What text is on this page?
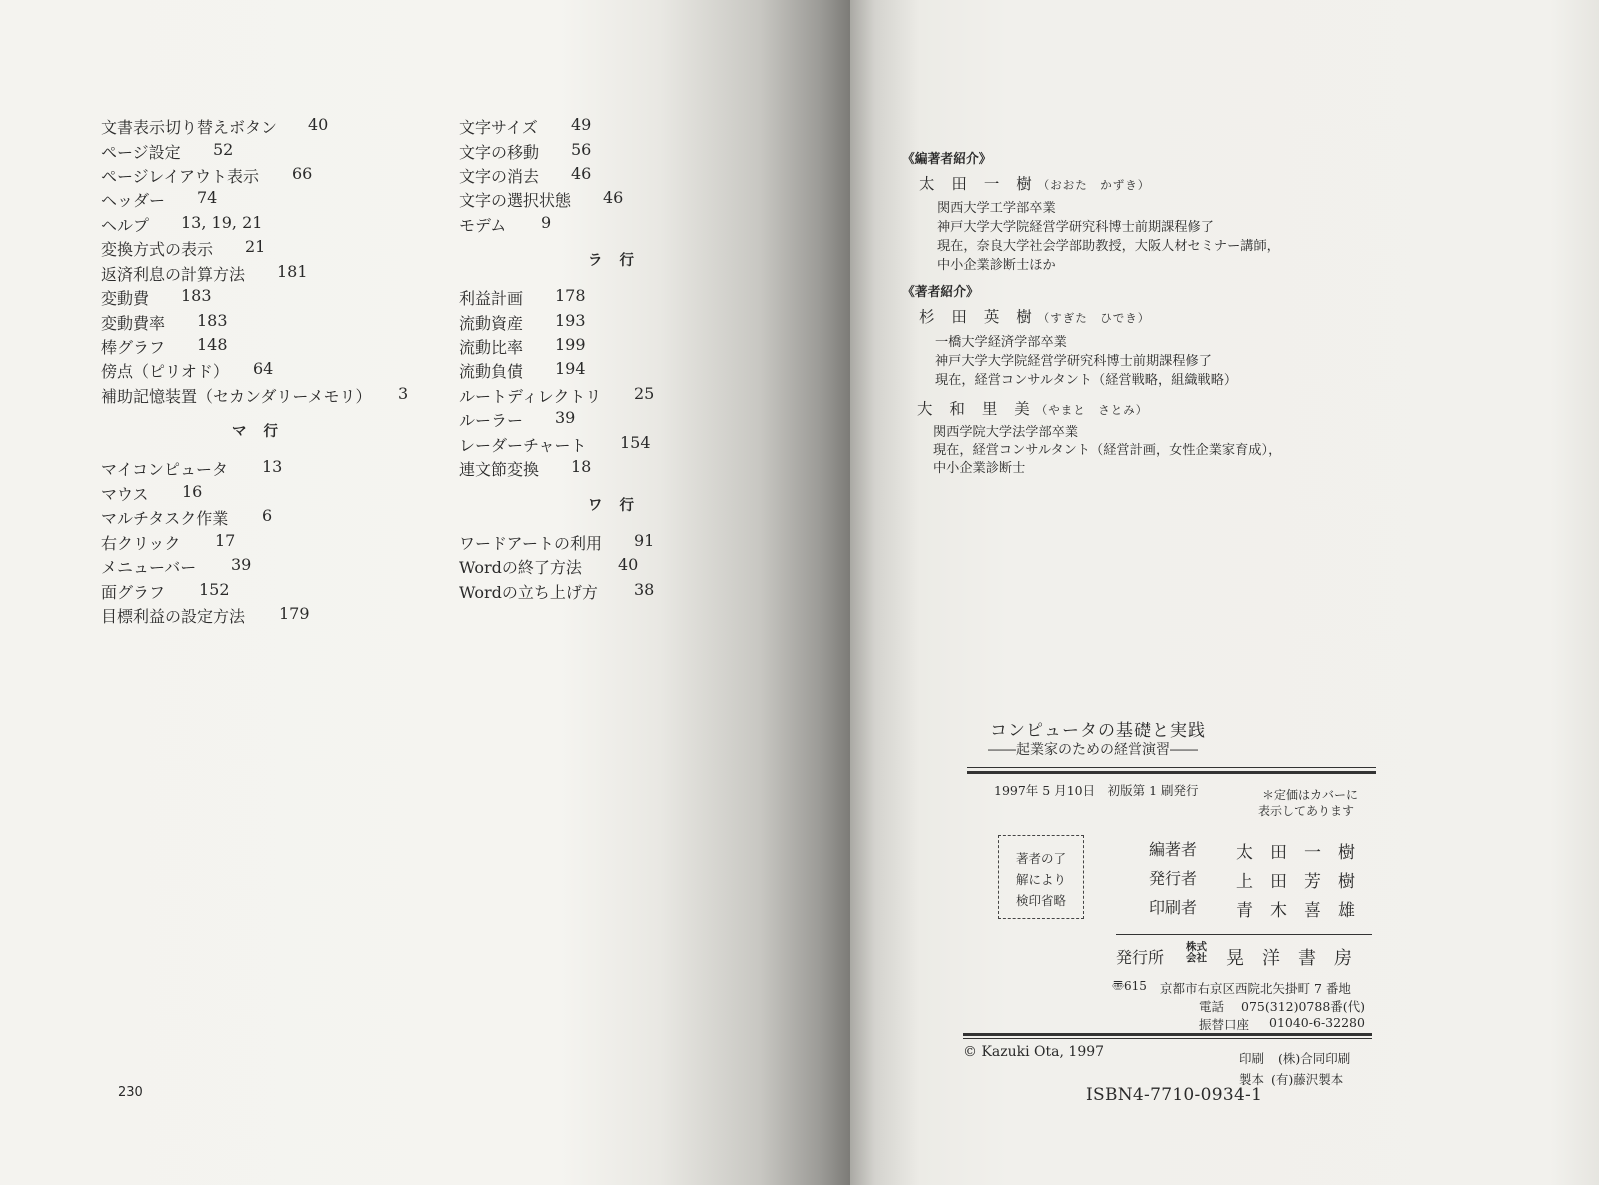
230
《編著者紹介》
太 田 一 樹（おおた　かずき）
《著者紹介》
杉 田 英 樹（すぎた　ひでき）
大 和 里 美（やまと　さとみ）
コンピュータの基礎と実践
――起業家のための経営演習――
1997年 5 月10日　初版第 1 刷発行	＊定価はカバーに
表示してあります
著者の了
解により
検印省略
発行所
株式
会社 晃　洋　書　房
〠615 京都市右京区西院北矢掛町 7 番地
電話 075(312)0788番(代)
振替口座 01040-6-32280
© Kazuki Ota, 1997	印刷 (株)合同印刷
製本 (有)藤沢製本
ISBN4-7710-0934-1
文書表示切り替えボタン 40
ページ設定 52
ページレイアウト表示 66
ヘッダー 74
ヘルプ 13, 19, 21
変換方式の表示 21
返済利息の計算方法 181
変動費 183
変動費率 183
棒グラフ 148
傍点（ピリオド） 64
補助記憶装置（セカンダリーメモリ） 3
マイコンピュータ 13
マウス 16
マルチタスク作業 6
右クリック 17
メニューバー 39
面グラフ 152
目標利益の設定方法 179
マ 行
文字サイズ 49
文字の移動 56
文字の消去 46
文字の選択状態 46
モデム 9
利益計画 178
流動資産 193
流動比率 199
流動負債 194
ルートディレクトリ 25
ルーラー 39
レーダーチャート 154
連文節変換 18
ワードアートの利用 91
Wordの終了方法 40
Wordの立ち上げ方 38
ラ 行
ワ 行
関西大学工学部卒業
神戸大学大学院経営学研究科博士前期課程修了
現在，奈良大学社会学部助教授，大阪人材セミナー講師，
中小企業診断士ほか
一橋大学経済学部卒業
神戸大学大学院経営学研究科博士前期課程修了
現在，経営コンサルタント（経営戦略，組織戦略）
関西学院大学法学部卒業
現在，経営コンサルタント（経営計画，女性企業家育成），
中小企業診断士
編著者 太　田　一　樹
発行者 上　田　芳　樹
印刷者 青　木　喜　雄
